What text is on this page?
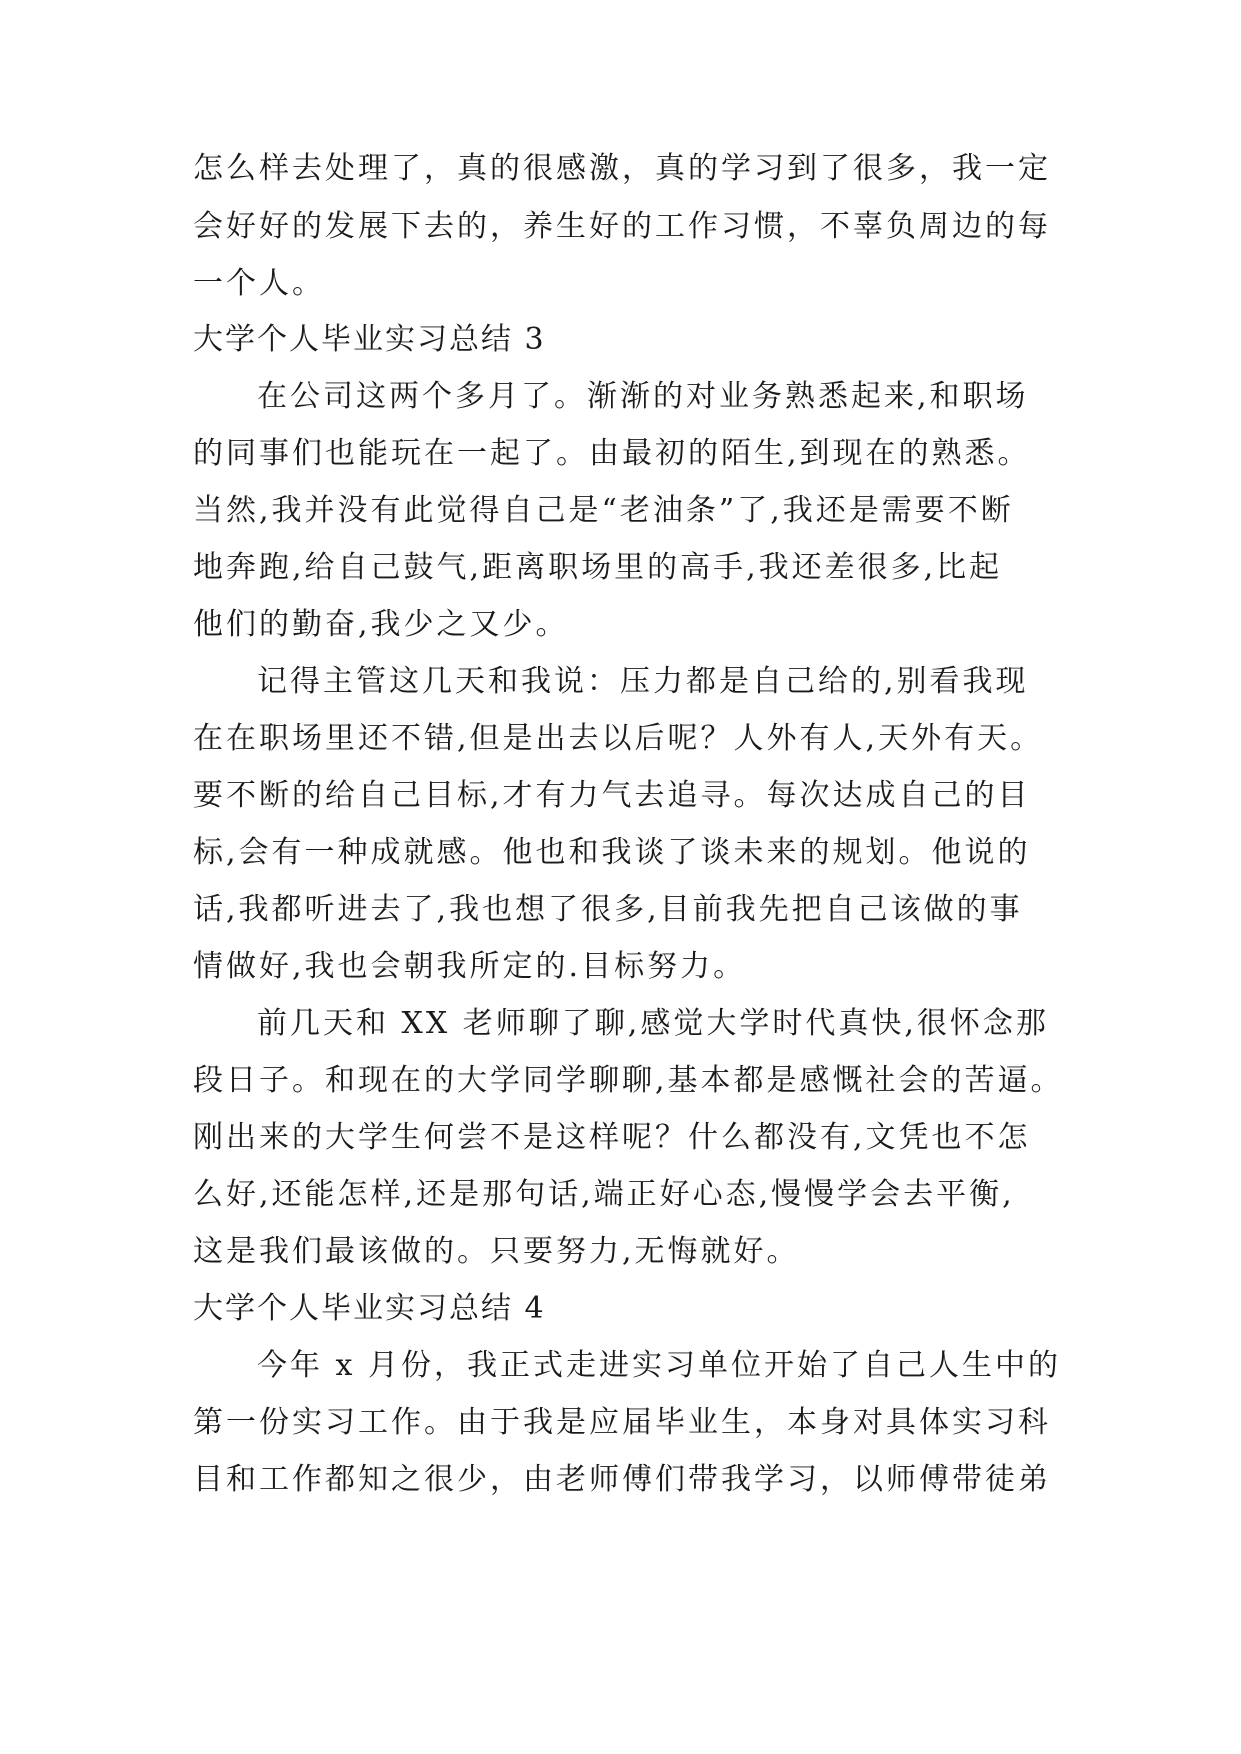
怎么样去处理了，真的很感激，真的学习到了很多，我一定
会好好的发展下去的，养生好的工作习惯，不辜负周边的每
一个人。
大学个人毕业实习总结 3
在公司这两个多月了。渐渐的对业务熟悉起来,和职场
的同事们也能玩在一起了。由最初的陌生,到现在的熟悉。
当然,我并没有此觉得自己是“老油条”了,我还是需要不断
地奔跑,给自己鼓气,距离职场里的高手,我还差很多,比起
他们的勤奋,我少之又少。
记得主管这几天和我说：压力都是自己给的,别看我现
在在职场里还不错,但是出去以后呢？人外有人,天外有天。
要不断的给自己目标,才有力气去追寻。每次达成自己的目
标,会有一种成就感。他也和我谈了谈未来的规划。他说的
话,我都听进去了,我也想了很多,目前我先把自己该做的事
情做好,我也会朝我所定的.目标努力。
前几天和 XX 老师聊了聊,感觉大学时代真快,很怀念那
段日子。和现在的大学同学聊聊,基本都是感慨社会的苦逼。
刚出来的大学生何尝不是这样呢？什么都没有,文凭也不怎
么好,还能怎样,还是那句话,端正好心态,慢慢学会去平衡,
这是我们最该做的。只要努力,无悔就好。
大学个人毕业实习总结 4
今年 x 月份，我正式走进实习单位开始了自己人生中的
第一份实习工作。由于我是应届毕业生，本身对具体实习科
目和工作都知之很少，由老师傅们带我学习，以师傅带徒弟
